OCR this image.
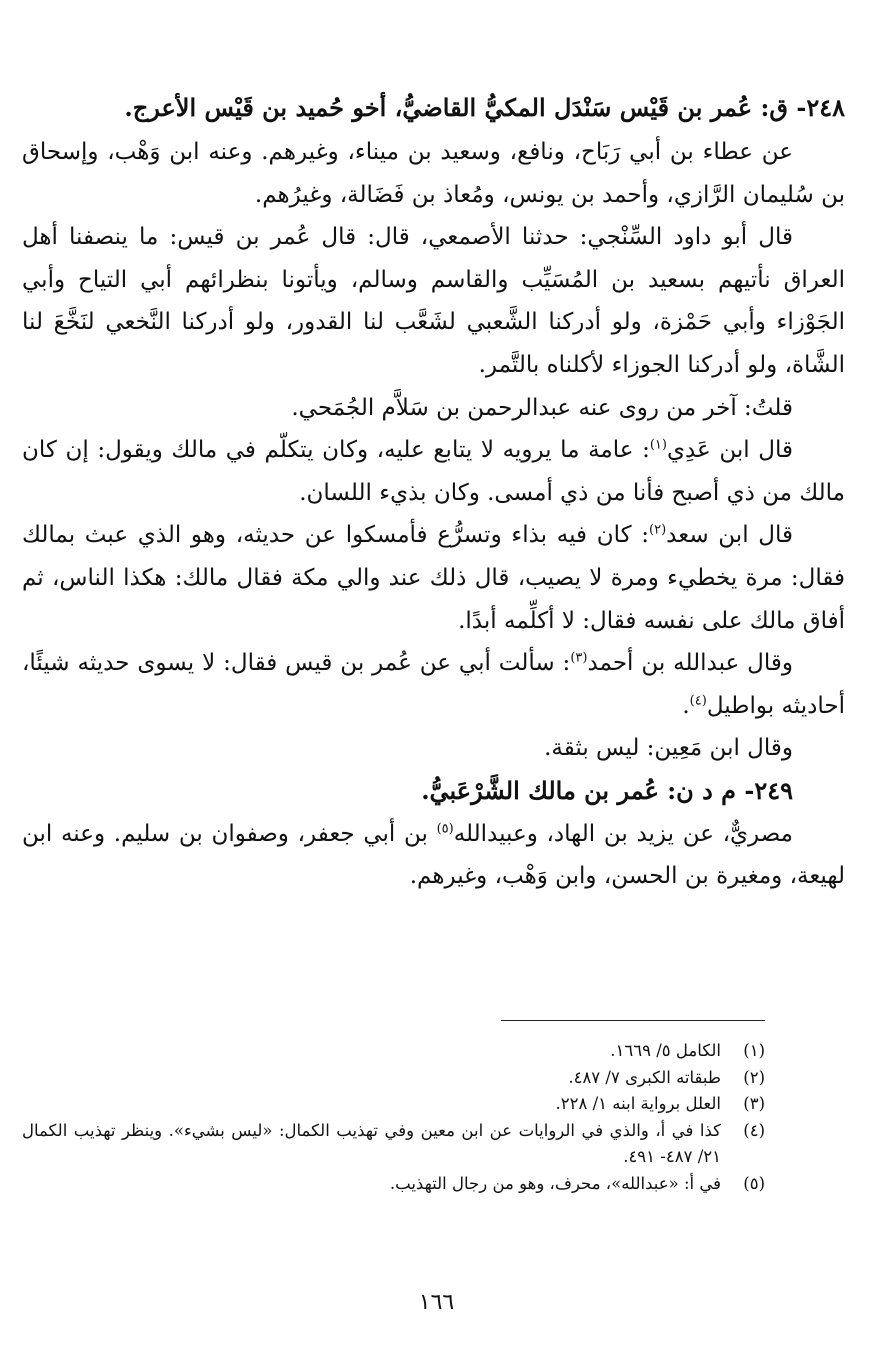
٢٤٨- ق: عُمر بن قَيْس سَنْدَل المكيُّ القاضيُّ، أخو حُميد بن قَيْس الأعرج.

عن عطاء بن أبي رَبَاح، ونافع، وسعيد بن ميناء، وغيرهم. وعنه ابن وَهْب، وإسحاق بن سُليمان الرَّازي، وأحمد بن يونس، ومُعاذ بن فَضَالة، وغيرُهم.

قال أبو داود السِّنْجي: حدثنا الأصمعي، قال: قال عُمر بن قيس: ما ينصفنا أهل العراق نأتيهم بسعيد بن المُسَيِّب والقاسم وسالم، ويأتونا بنظرائهم أبي التياح وأبي الجَوْزاء وأبي حَمْزة، ولو أدركنا الشَّعبي لشَعَّب لنا القدور، ولو أدركنا النَّخعي لنَخَّعَ لنا الشَّاة، ولو أدركنا الجوزاء لأكلناه بالتَّمر.

قلتُ: آخر من روى عنه عبدالرحمن بن سَلاَّم الجُمَحي.

قال ابن عَدِي$^{(١)}$: عامة ما يرويه لا يتابع عليه، وكان يتكلّم في مالك ويقول: إن كان مالك من ذي أصبح فأنا من ذي أمسى. وكان بذيء اللسان.

قال ابن سعد$^{(٢)}$: كان فيه بذاء وتسرُّع فأمسكوا عن حديثه، وهو الذي عبث بمالك فقال: مرة يخطيء ومرة لا يصيب، قال ذلك عند والي مكة فقال مالك: هكذا الناس، ثم أفاق مالك على نفسه فقال: لا أكلِّمه أبدًا.

وقال عبدالله بن أحمد$^{(٣)}$: سألت أبي عن عُمر بن قيس فقال: لا يسوى حديثه شيئًا، أحاديثه بواطيل$^{(٤)}$.

وقال ابن مَعِين: ليس بثقة.

٢٤٩- م د ن: عُمر بن مالك الشَّرْعَبيُّ.

مصريٌّ، عن يزيد بن الهاد، وعبيدالله$^{(٥)}$ بن أبي جعفر، وصفوان بن سليم. وعنه ابن لهيعة، ومغيرة بن الحسن، وابن وَهْب، وغيرهم.

(١)
الكامل ٥/ ١٦٦٩.

(٢)
طبقاته الكبرى ٧/ ٤٨٧.

(٣)
العلل برواية ابنه ١/ ٢٢٨.

(٤)
كذا في أ، والذي في الروايات عن ابن معين وفي تهذيب الكمال: «ليس بشيء». وينظر تهذيب الكمال ٢١/ ٤٨٧- ٤٩١.

(٥)
في أ: «عبدالله»، محرف، وهو من رجال التهذيب.

١٦٦
